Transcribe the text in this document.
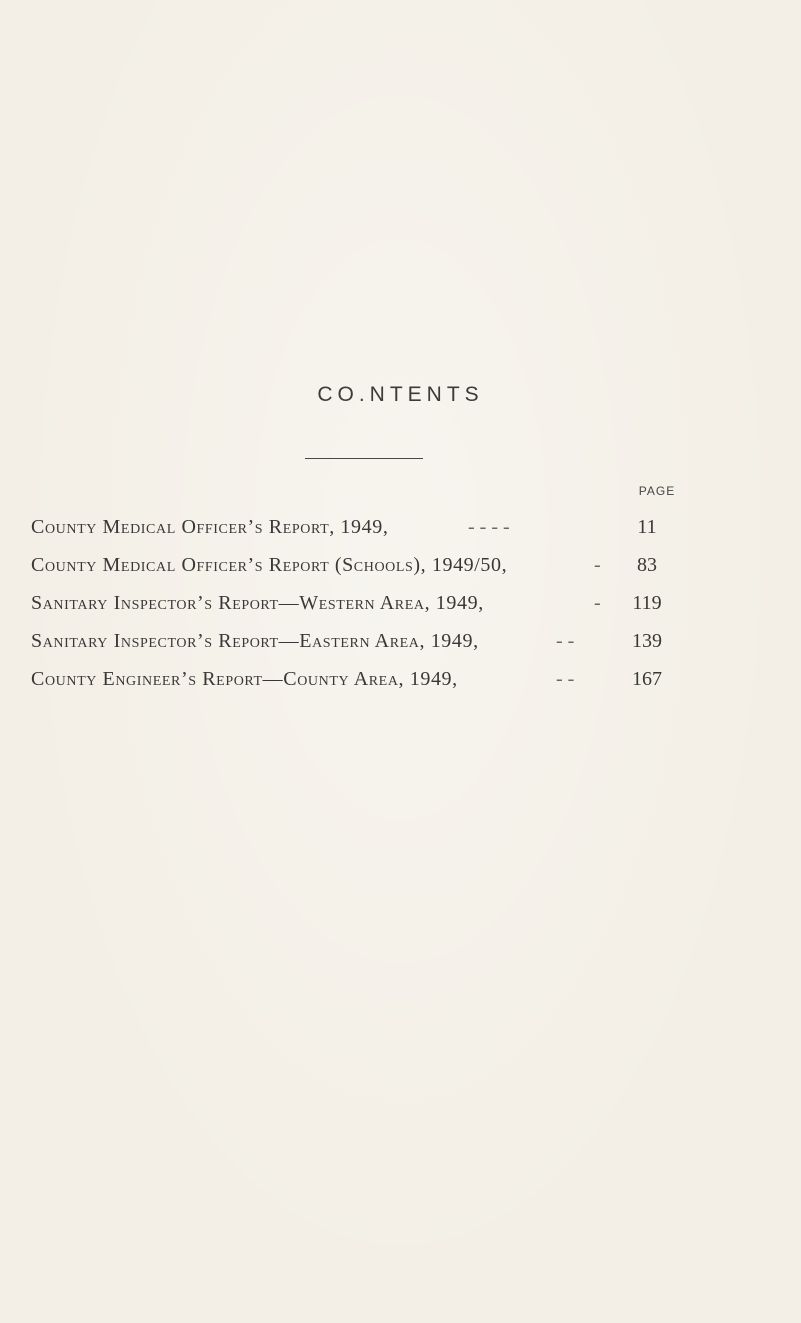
CO.NTENTS
PAGE
County Medical Officer’s Report, 1949,	- - - -	11
County Medical Officer’s Report (Schools), 1949/50,	-	83
Sanitary Inspector’s Report—Western Area, 1949,	-	119
Sanitary Inspector’s Report—Eastern Area, 1949,	- -	139
County Engineer’s Report—County Area, 1949,	- -	167
